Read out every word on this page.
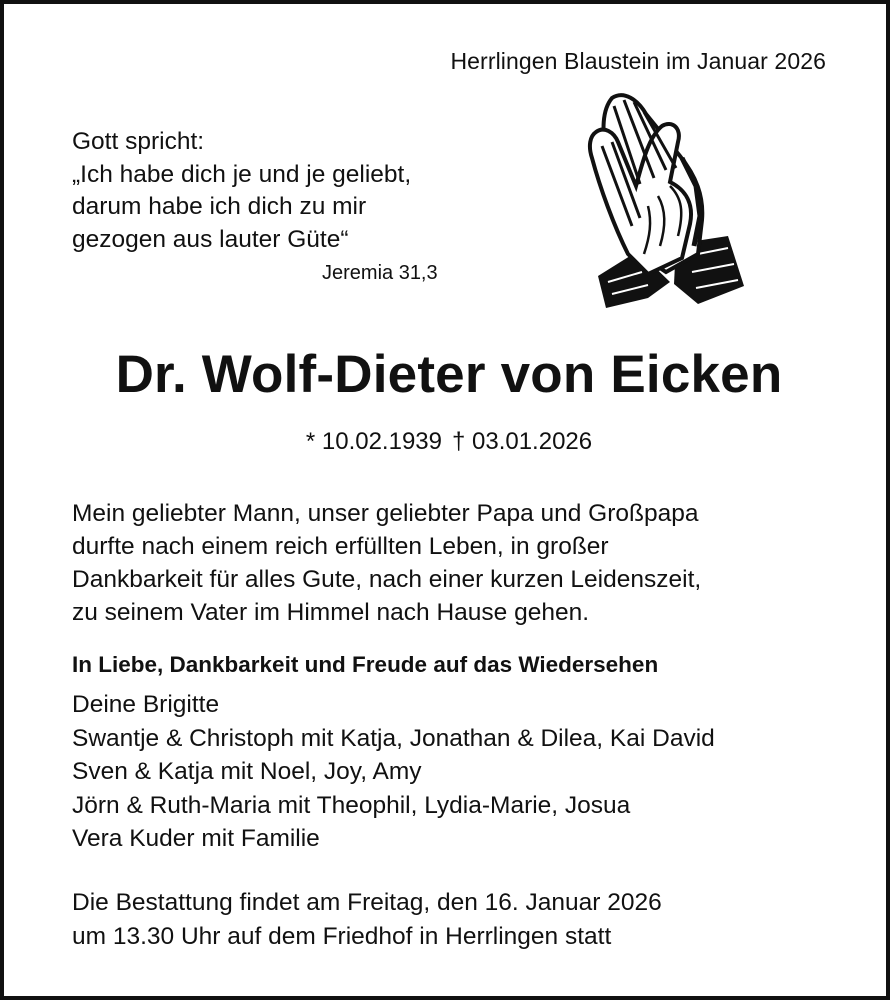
Herrlingen Blaustein im Januar 2026
Gott spricht:
„Ich habe dich je und je geliebt,
darum habe ich dich zu mir
gezogen aus lauter Güte“
Jeremia 31,3
Dr. Wolf-Dieter von Eicken
* 10.02.1939 † 03.01.2026
Mein geliebter Mann, unser geliebter Papa und Großpapa
durfte nach einem reich erfüllten Leben, in großer
Dankbarkeit für alles Gute, nach einer kurzen Leidenszeit,
zu seinem Vater im Himmel nach Hause gehen.
In Liebe, Dankbarkeit und Freude auf das Wiedersehen
Deine Brigitte
Swantje & Christoph mit Katja, Jonathan & Dilea, Kai David
Sven & Katja mit Noel, Joy, Amy
Jörn & Ruth-Maria mit Theophil, Lydia-Marie, Josua
Vera Kuder mit Familie
Die Bestattung findet am Freitag, den 16. Januar 2026
um 13.30 Uhr auf dem Friedhof in Herrlingen statt
